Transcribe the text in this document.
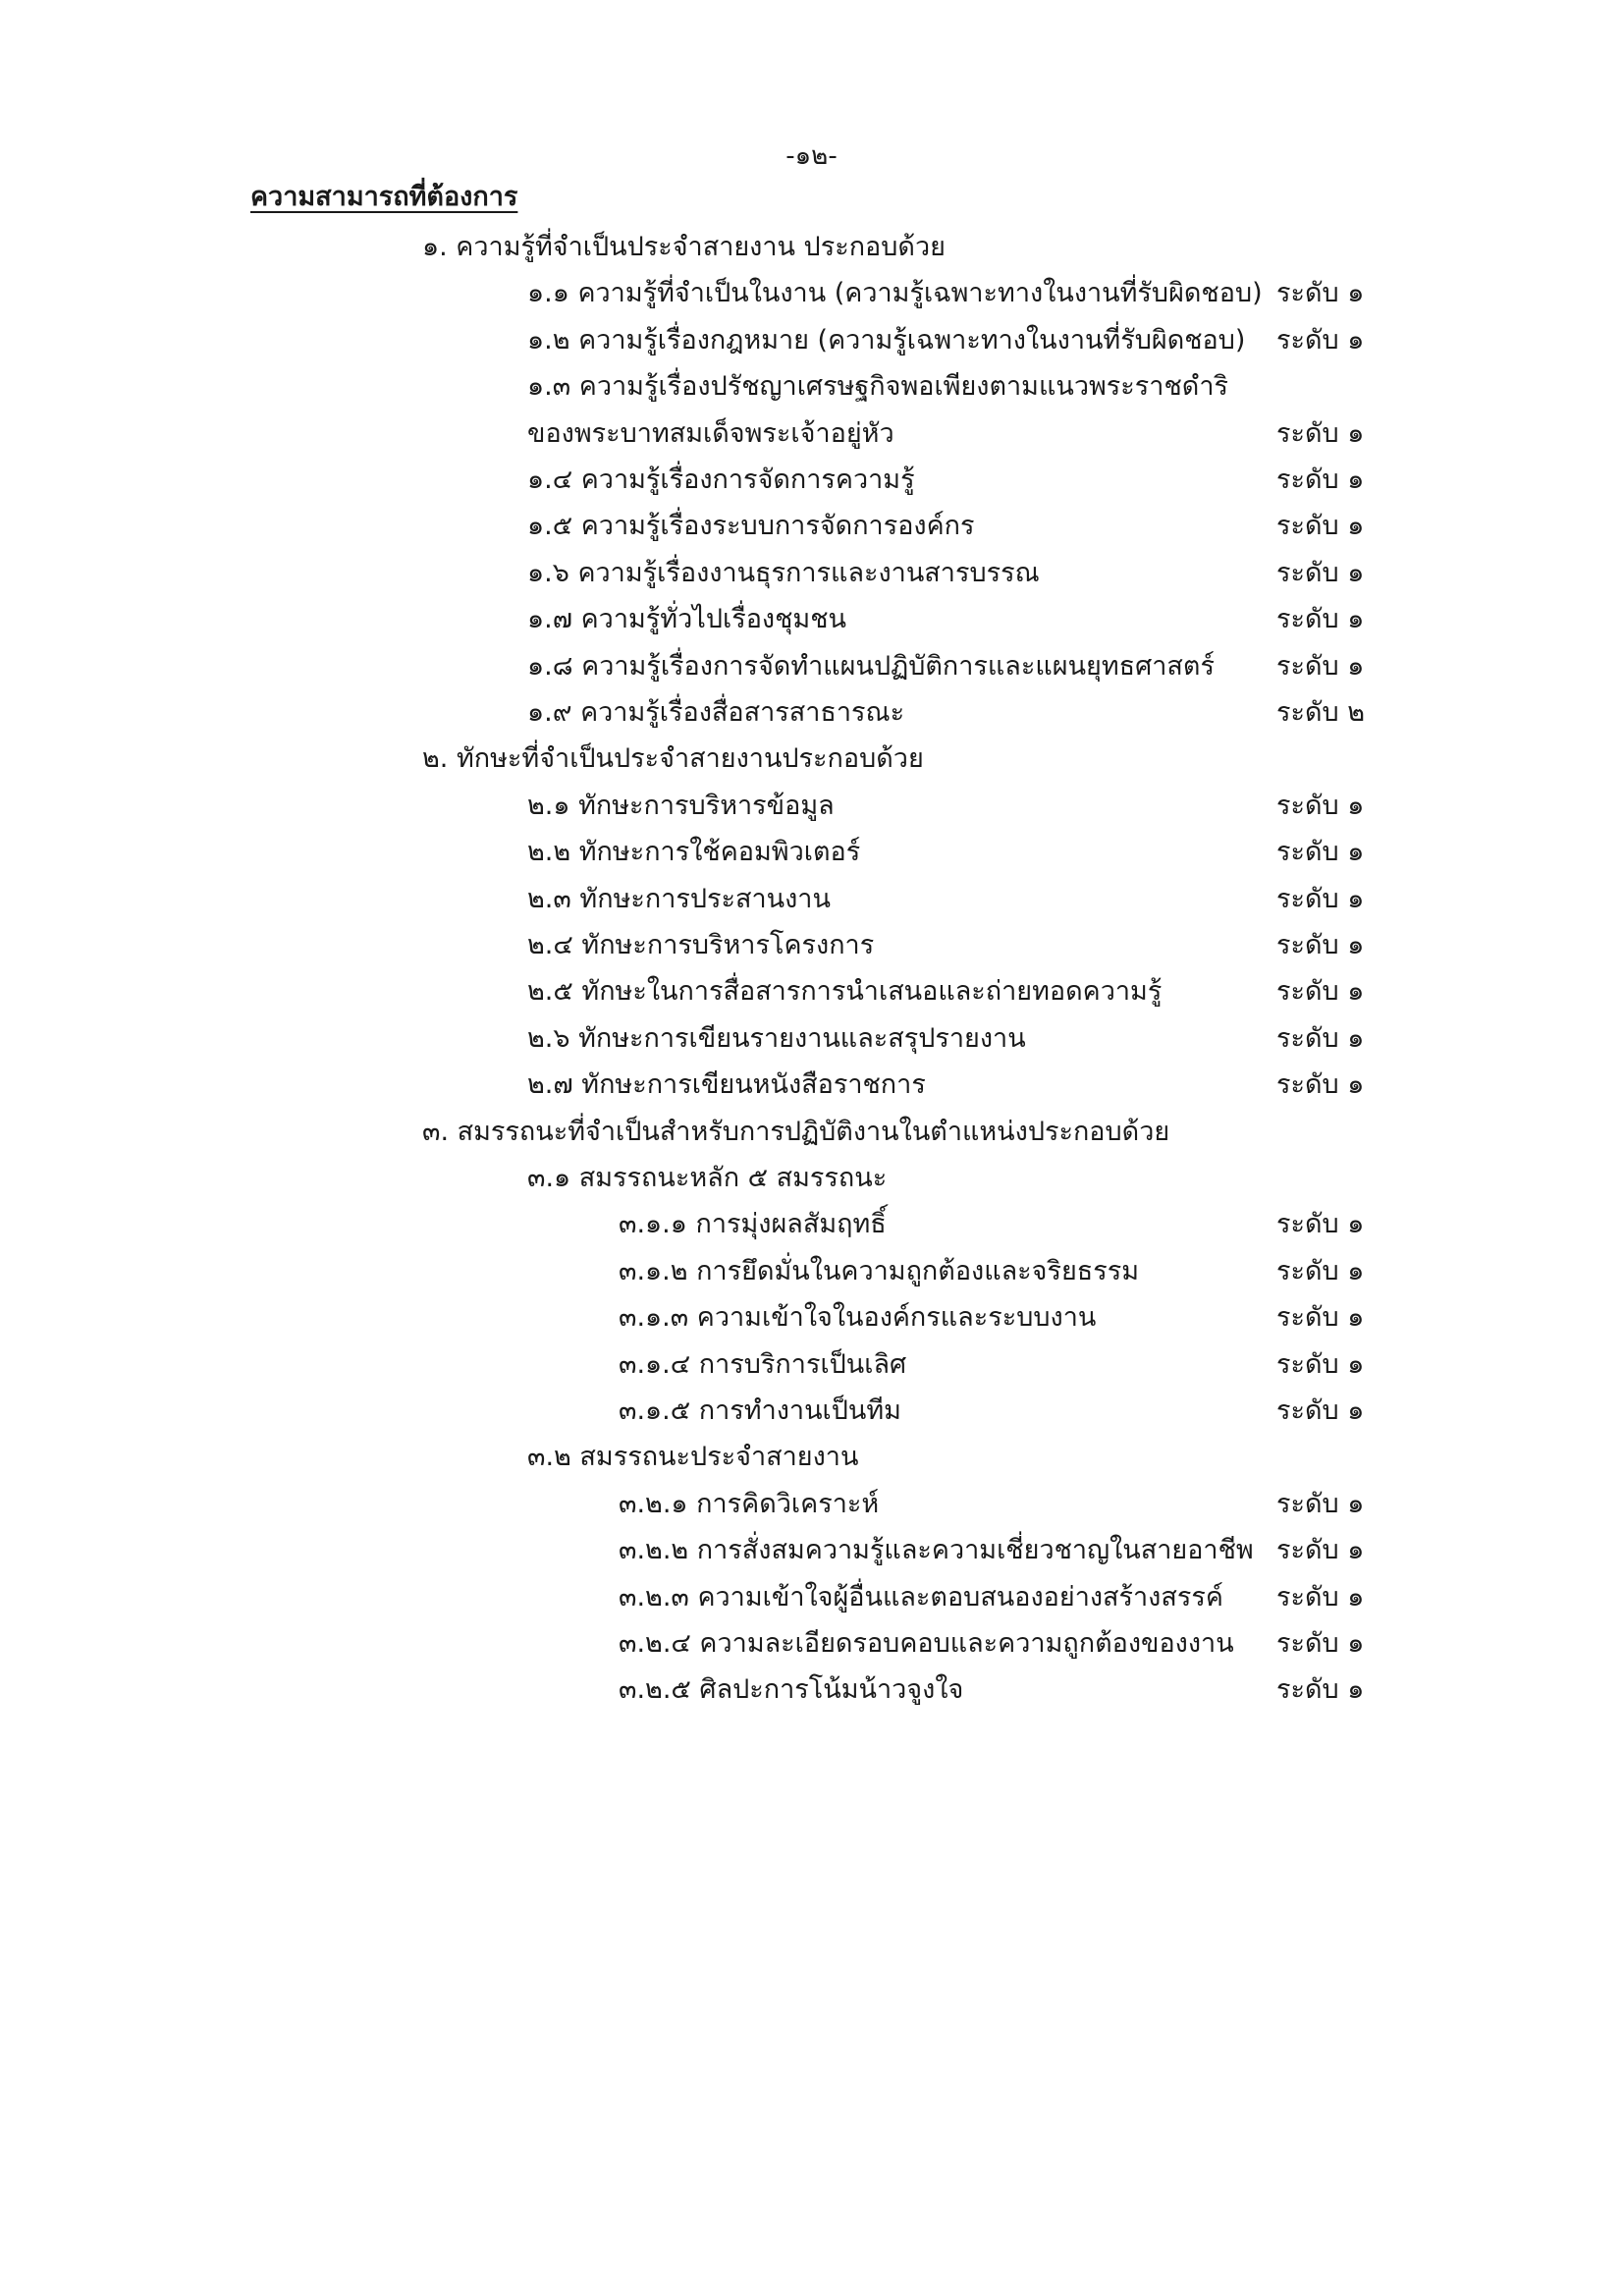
-๑๒-
ความสามารถที่ต้องการ
๑. ความรู้ที่จำเป็นประจำสายงาน ประกอบด้วย
๑.๑ ความรู้ที่จำเป็นในงาน (ความรู้เฉพาะทางในงานที่รับผิดชอบ) ระดับ ๑
๑.๒ ความรู้เรื่องกฎหมาย (ความรู้เฉพาะทางในงานที่รับผิดชอบ) ระดับ ๑
๑.๓ ความรู้เรื่องปรัชญาเศรษฐกิจพอเพียงตามแนวพระราชดำริ
ของพระบาทสมเด็จพระเจ้าอยู่หัว	ระดับ ๑
๑.๔ ความรู้เรื่องการจัดการความรู้	ระดับ ๑
๑.๕ ความรู้เรื่องระบบการจัดการองค์กร	ระดับ ๑
๑.๖ ความรู้เรื่องงานธุรการและงานสารบรรณ	ระดับ ๑
๑.๗ ความรู้ทั่วไปเรื่องชุมชน	ระดับ ๑
๑.๘ ความรู้เรื่องการจัดทำแผนปฏิบัติการและแผนยุทธศาสตร์ ระดับ ๑
๑.๙ ความรู้เรื่องสื่อสารสาธารณะ	ระดับ ๒
๒. ทักษะที่จำเป็นประจำสายงานประกอบด้วย
๒.๑ ทักษะการบริหารข้อมูล	ระดับ ๑
๒.๒ ทักษะการใช้คอมพิวเตอร์	ระดับ ๑
๒.๓ ทักษะการประสานงาน	ระดับ ๑
๒.๔ ทักษะการบริหารโครงการ	ระดับ ๑
๒.๕ ทักษะในการสื่อสารการนำเสนอและถ่ายทอดความรู้	ระดับ ๑
๒.๖ ทักษะการเขียนรายงานและสรุปรายงาน	ระดับ ๑
๒.๗ ทักษะการเขียนหนังสือราชการ	ระดับ ๑
๓. สมรรถนะที่จำเป็นสำหรับการปฏิบัติงานในตำแหน่งประกอบด้วย
๓.๑ สมรรถนะหลัก ๕ สมรรถนะ
๓.๑.๑ การมุ่งผลสัมฤทธิ์	ระดับ ๑
๓.๑.๒ การยึดมั่นในความถูกต้องและจริยธรรม	ระดับ ๑
๓.๑.๓ ความเข้าใจในองค์กรและระบบงาน	ระดับ ๑
๓.๑.๔ การบริการเป็นเลิศ	ระดับ ๑
๓.๑.๕ การทำงานเป็นทีม	ระดับ ๑
๓.๒ สมรรถนะประจำสายงาน
๓.๒.๑ การคิดวิเคราะห์	ระดับ ๑
๓.๒.๒ การสั่งสมความรู้และความเชี่ยวชาญในสายอาชีพ ระดับ ๑
๓.๒.๓ ความเข้าใจผู้อื่นและตอบสนองอย่างสร้างสรรค์ ระดับ ๑
๓.๒.๔ ความละเอียดรอบคอบและความถูกต้องของงาน ระดับ ๑
๓.๒.๕ ศิลปะการโน้มน้าวจูงใจ	ระดับ ๑
